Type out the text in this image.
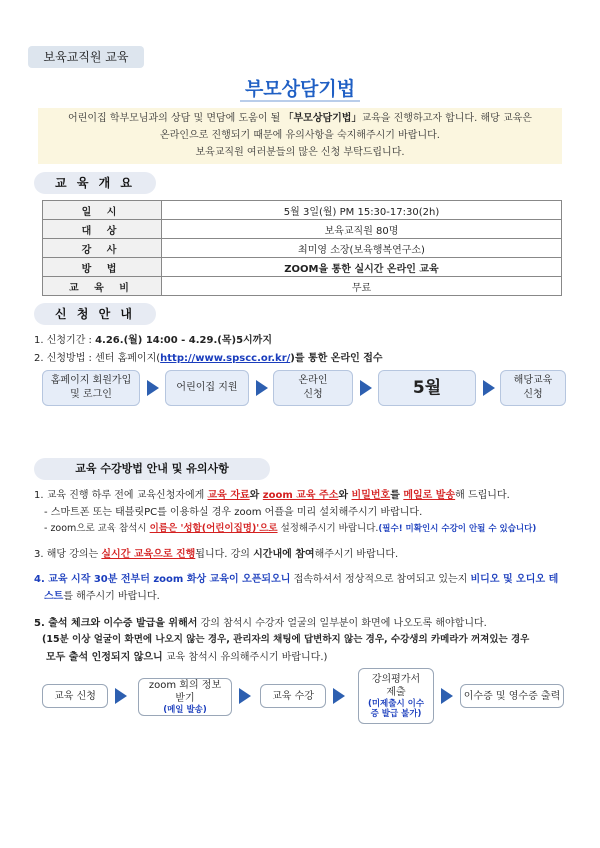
보육교직원 교육
부모상담기법
어린이집 학부모님과의 상담 및 면담에 도움이 될 「부모상담기법」교육을 진행하고자 합니다. 해당 교육은
온라인으로 진행되기 때문에 유의사항을 숙지해주시기 바랍니다.
보육교직원 여러분들의 많은 신청 부탁드립니다.
교 육 개 요
일 시	5월 3일(월) PM 15:30-17:30(2h)
대 상	보육교직원 80명
강 사	최미영 소장(보육행복연구소)
방 법	ZOOM을 통한 실시간 온라인 교육
교 육 비	무료
신 청 안 내
1. 신청기간 : 4.26.(월) 14:00 - 4.29.(목)5시까지
2. 신청방법 : 센터 홈페이지(http://www.spscc.or.kr/)를 통한 온라인 접수
홈페이지 회원가입
및 로그인
어린이집 지원
온라인
신청	5월	해당교육
신청
교육 수강방법 안내 및 유의사항
1. 교육 진행 하루 전에 교육신청자에게 교육 자료와 zoom 교육 주소와 비밀번호를 메일로 발송해 드립니다.
- 스마트폰 또는 태블릿PC를 이용하실 경우 zoom 어플을 미리 설치해주시기 바랍니다.
- zoom으로 교육 참석시 이름은 '성함(어린이집명)'으로 설정해주시기 바랍니다.(필수! 미확인시 수강이 안될 수 있습니다)
3. 해당 강의는 실시간 교육으로 진행됩니다. 강의 시간내에 참여해주시기 바랍니다.
4. 교육 시작 30분 전부터 zoom 화상 교육이 오픈되오니 접속하셔서 정상적으로 참여되고 있는지 비디오 및 오디오 테
스트를 해주시기 바랍니다.
5. 출석 체크와 이수증 발급을 위해서 강의 참석시 수강자 얼굴의 일부분이 화면에 나오도록 해야합니다.
(15분 이상 얼굴이 화면에 나오지 않는 경우, 관리자의 채팅에 답변하지 않는 경우, 수강생의 카메라가 꺼져있는 경우
모두 출석 인정되지 않으니 교육 참석시 유의해주시기 바랍니다.)
교육 신청
zoom 회의 정보
받기
(메일 발송)
교육 수강
강의평가서
제출
(미제출시 이수증 발급 불가)
이수증 및 영수증 출력
